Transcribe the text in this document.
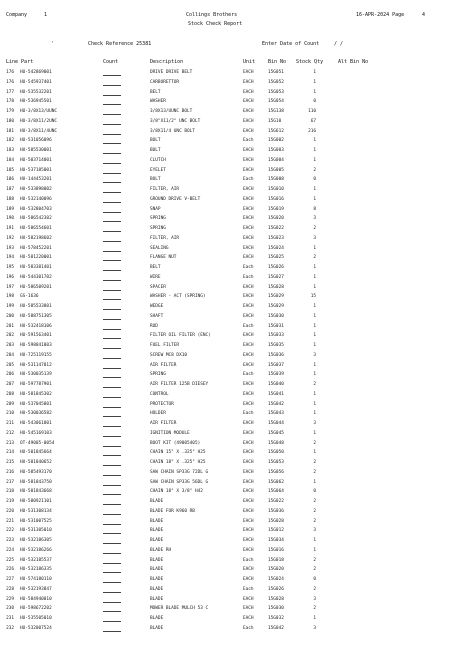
Company	1	Collings Brothers	16-APR-2024 Page	4
Stock Check Report
'	Check Reference 25381	Enter Date of Count	/ /
Line Part	Count	Description	Unit	Bin No Stock Qty	Alt Bin No
176 HU-542869001	DRIVE DRIVE BELT	EACH	15G051	1
176 HU-545937401	CARBURETTOR	EACH	15G052	1
177 HU-535532201	BELT	EACH	15G053	1
178 HU-536945501	WASHER	EACH	15G054	0
179 HU-3/8X13/UUNC	3/8X13/UUNC BOLT	EACH	15G138	110
180 HU-3/8X11/2UNC	3/8"X11/2" UNC BOLT	EACH	15G10	67
181 HU-3/8X11/4UNC	3/8X11/4 UNC BOLT	EACH	15G612	216
182 HU-531056096	BOLT	Each	15G002	1
183 HU-585530001	BOLT	EACH	15G003	1
184 HU-503714001	CLUTCH	EACH	15G004	1
185 HU-537185001	EYELET	EACH	15G005	2
186 HU-144453201	BOLT	Each	15G008	0
187 HU-533898002	FILTER, AIR	EACH	15G010	1
188 HU-532140096	GROUND DRIVE V-BELT	EACH	15G016	1
189 HU-532804703	SNAP	EACH	15G019	8
190 HU-586542302	SPRING	EACH	15G020	3
191 HU-586554601	SPRING	EACH	15G022	2
192 HU-582198602	FILTER, AIR	EACH	15G023	3
193 HU-578452201	SEALING	EACH	15G024	1
194 HU-581220001	FLANGE NUT	EACH	15G025	2
195 HU-583381401	BELT	Each	15G026	1
196 HU-544301702	WIRE	Each	15G027	1
197 HU-586509201	SPACER	EACH	15G028	1
198 GS-1636	WASHER - ACT (SPRING)	EACH	15G029	15
199 HU-585533801	WEDGE	EACH	15G029	1
200 HU-588751305	SHAFT	EACH	15G030	1
201 HU-532418106	ROD	Each	15G031	1
202 HU-591563401	FILTER OIL FILTER (ENC)	EACH	15G033	1
203 HU-598841803	FUEL FILTER	EACH	15G035	1
204 HU-725119155	SCREW MC8 DX10	EACH	15G036	3
205 HU-531147012	AIR FILTER	EACH	15G037	1
206 HU-530035139	SPRING	Each	15G039	1
207 HU-597787901	AIR FILTER 125B DIESEY	EACH	15G040	2
208 HU-581845302	CONTROL	EACH	15G041	1
209 HU-537045801	PROTECTOR	EACH	15G042	1
210 HU-530036582	HOLDER	Each	15G043	1
211 HU-543061801	AIR FILTER	EACH	15G044	3
212 HU-545169103	IGNITION MODULE	EACH	15G045	1
213 OT-49005-0054	BOOT KIT (49005405)	EACH	15G048	2
214 HU-501845664	CHAIN 15" X .325" H25	EACH	15G050	1
215 HU-501840652	CHAIN 18" X .325" H25	EACH	15G053	2
216 HU-585493170	SAW CHAIN SP33G 72DL G	EACH	15G056	2
217 HU-581843750	SAW CHAIN SP33G 56DL G	EACH	15G062	1
218 HU-501843668	CHAIN 18" X 3/8" H42	EACH	15G064	0
219 HU-580921101	BLADE	EACH	15G022	2
220 HU-531308134	BLADE FOR K960 RB	EACH	15G036	2
221 HU-531007525	BLADE	EACH	15G028	2
222 HU-531305010	BLADE	EACH	15G012	3
223 HU-532186305	BLADE	EACH	15G034	1
224 HU-532186266	BLADE RH	EACH	15G016	1
225 HU-532185537	BLADE	Each	15G018	2
226 HU-532186335	BLADE	EACH	15G020	2
227 HU-574180110	BLADE	EACH	15G024	0
228 HU-532193847	BLADE	Each	15G026	2
229 HU-584940010	BLADE	EACH	15G028	3
230 HU-598672202	MOWER BLADE MULCH 53 C	EACH	15G030	2
231 HU-535505010	BLADE	EACH	15G032	1
232 HU-532007524	BLADE	Each	15G042	3
